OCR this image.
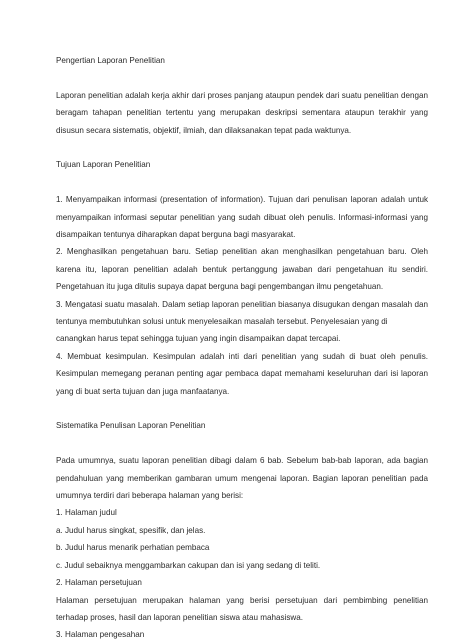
Pengertian Laporan Penelitian

Laporan penelitian adalah kerja akhir dari proses panjang ataupun pendek dari suatu penelitian dengan beragam tahapan penelitian tertentu yang merupakan deskripsi sementara ataupun terakhir yang disusun secara sistematis, objektif, ilmiah, dan dilaksanakan tepat pada waktunya.

Tujuan Laporan Penelitian

1. Menyampaikan informasi (presentation of information). Tujuan dari penulisan laporan adalah untuk menyampaikan informasi seputar penelitian yang sudah dibuat oleh penulis. Informasi-informasi yang disampaikan tentunya diharapkan dapat berguna bagi masyarakat.

2. Menghasilkan pengetahuan baru. Setiap penelitian akan menghasilkan pengetahuan baru. Oleh karena itu, laporan penelitian adalah bentuk pertanggung jawaban dari pengetahuan itu sendiri. Pengetahuan itu juga ditulis supaya dapat berguna bagi pengembangan ilmu pengetahuan.

3. Mengatasi suatu masalah. Dalam setiap laporan penelitian biasanya disugukan dengan masalah dan tentunya membutuhkan solusi untuk menyelesaikan masalah tersebut. Penyelesaian yang di

canangkan harus tepat sehingga tujuan yang ingin disampaikan dapat tercapai.

4. Membuat kesimpulan. Kesimpulan adalah inti dari penelitian yang sudah di buat oleh penulis. Kesimpulan memegang peranan penting agar pembaca dapat memahami keseluruhan dari isi laporan yang di buat serta tujuan dan juga manfaatanya.

Sistematika Penulisan Laporan Penelitian

Pada umumnya, suatu laporan penelitian dibagi dalam 6 bab. Sebelum bab-bab laporan, ada bagian pendahuluan yang memberikan gambaran umum mengenai laporan. Bagian laporan penelitian pada umumnya terdiri dari beberapa halaman yang berisi:

1. Halaman judul

a. Judul harus singkat, spesifik, dan jelas.

b. Judul harus menarik perhatian pembaca

c. Judul sebaiknya menggambarkan cakupan dan isi yang sedang di teliti.

2. Halaman persetujuan

Halaman persetujuan merupakan halaman yang berisi persetujuan dari pembimbing penelitian terhadap proses, hasil dan laporan penelitian siswa atau mahasiswa.

3. Halaman pengesahan
